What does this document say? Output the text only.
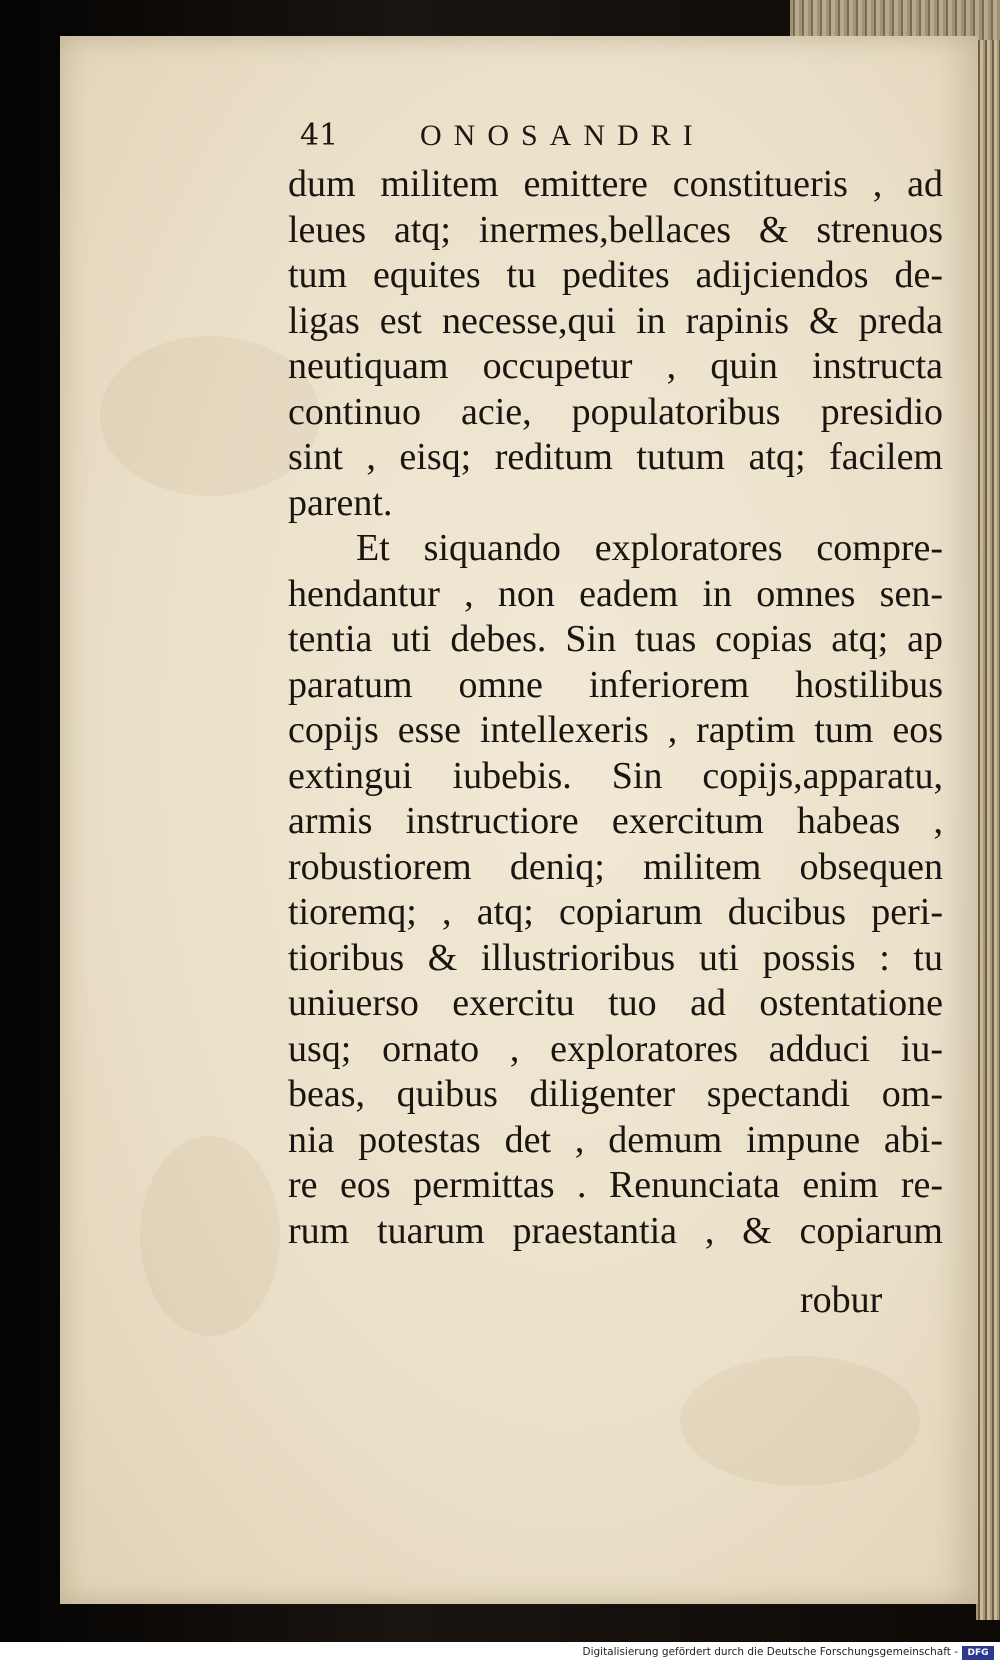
41	ONOSANDRI
dum militem emittere constitueris , ad
leues atq; inermes,bellaces & strenuos
tum equites tu pedites adijciendos de-
ligas est necesse,qui in rapinis & preda
neutiquam occupetur , quin instructa
continuo acie, populatoribus presidio
sint , eisq; reditum tutum atq; facilem
parent.
Et siquando exploratores compre-
hendantur , non eadem in omnes sen-
tentia uti debes. Sin tuas copias atq; ap
paratum omne inferiorem hostilibus
copijs esse intellexeris , raptim tum eos
extingui iubebis. Sin copijs,apparatu,
armis instructiore exercitum habeas ,
robustiorem deniq; militem obsequen
tioremq; , atq; copiarum ducibus peri-
tioribus & illustrioribus uti possis : tu
uniuerso exercitu tuo ad ostentatione
usq; ornato , exploratores adduci iu-
beas, quibus diligenter spectandi om-
nia potestas det , demum impune abi-
re eos permittas . Renunciata enim re-
rum tuarum praestantia , & copiarum
robur
Digitalisierung gefördert durch die Deutsche Forschungsgemeinschaft -	DFG
